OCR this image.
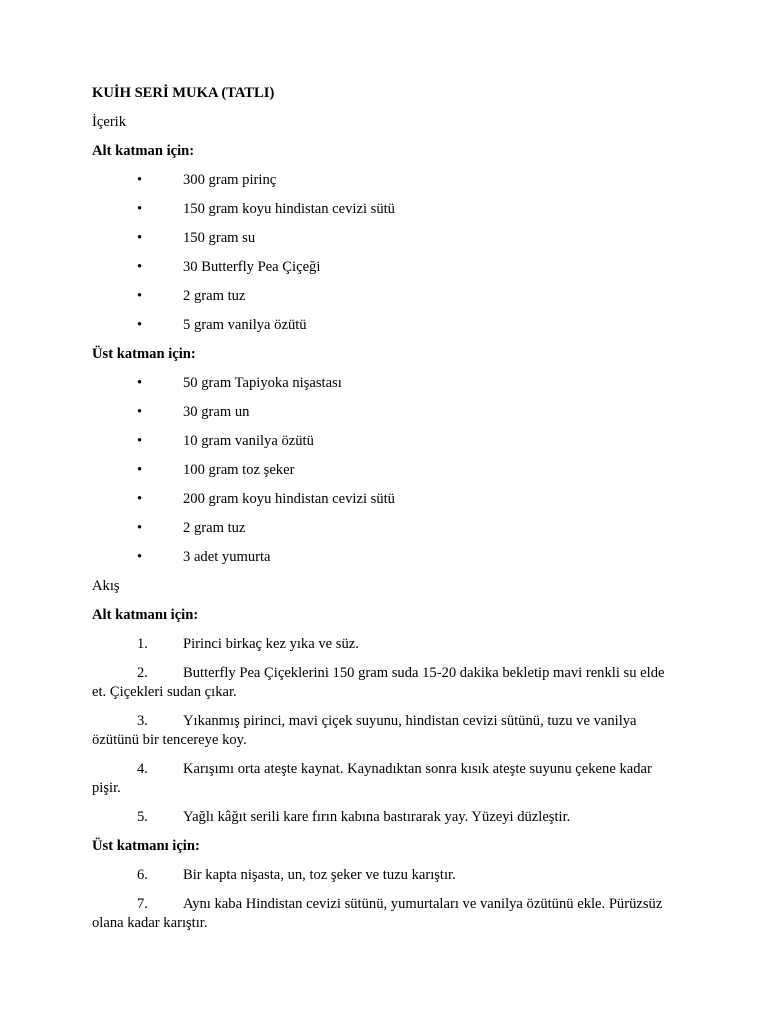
KUİH SERİ MUKA (TATLI)

İçerik

Alt katman için:

•	300 gram pirinç
•	150 gram koyu hindistan cevizi sütü
•	150 gram su
•	30 Butterfly Pea Çiçeği
•	2 gram tuz
•	5 gram vanilya özütü

Üst katman için:

•	50 gram Tapiyoka nişastası
•	30 gram un
•	10 gram vanilya özütü
•	100 gram toz şeker
•	200 gram koyu hindistan cevizi sütü
•	2 gram tuz
•	3 adet yumurta

Akış

Alt katmanı için:

1. Pirinci birkaç kez yıka ve süz.

2. Butterfly Pea Çiçeklerini 150 gram suda 15-20 dakika bekletip mavi renkli su elde et. Çiçekleri sudan çıkar.

3. Yıkanmış pirinci, mavi çiçek suyunu, hindistan cevizi sütünü, tuzu ve vanilya özütünü bir tencereye koy.

4. Karışımı orta ateşte kaynat. Kaynadıktan sonra kısık ateşte suyunu çekene kadar pişir.

5. Yağlı kâğıt serili kare fırın kabına bastırarak yay. Yüzeyi düzleştir.

Üst katmanı için:

6. Bir kapta nişasta, un, toz şeker ve tuzu karıştır.

7. Aynı kaba Hindistan cevizi sütünü, yumurtaları ve vanilya özütünü ekle. Pürüzsüz olana kadar karıştır.
